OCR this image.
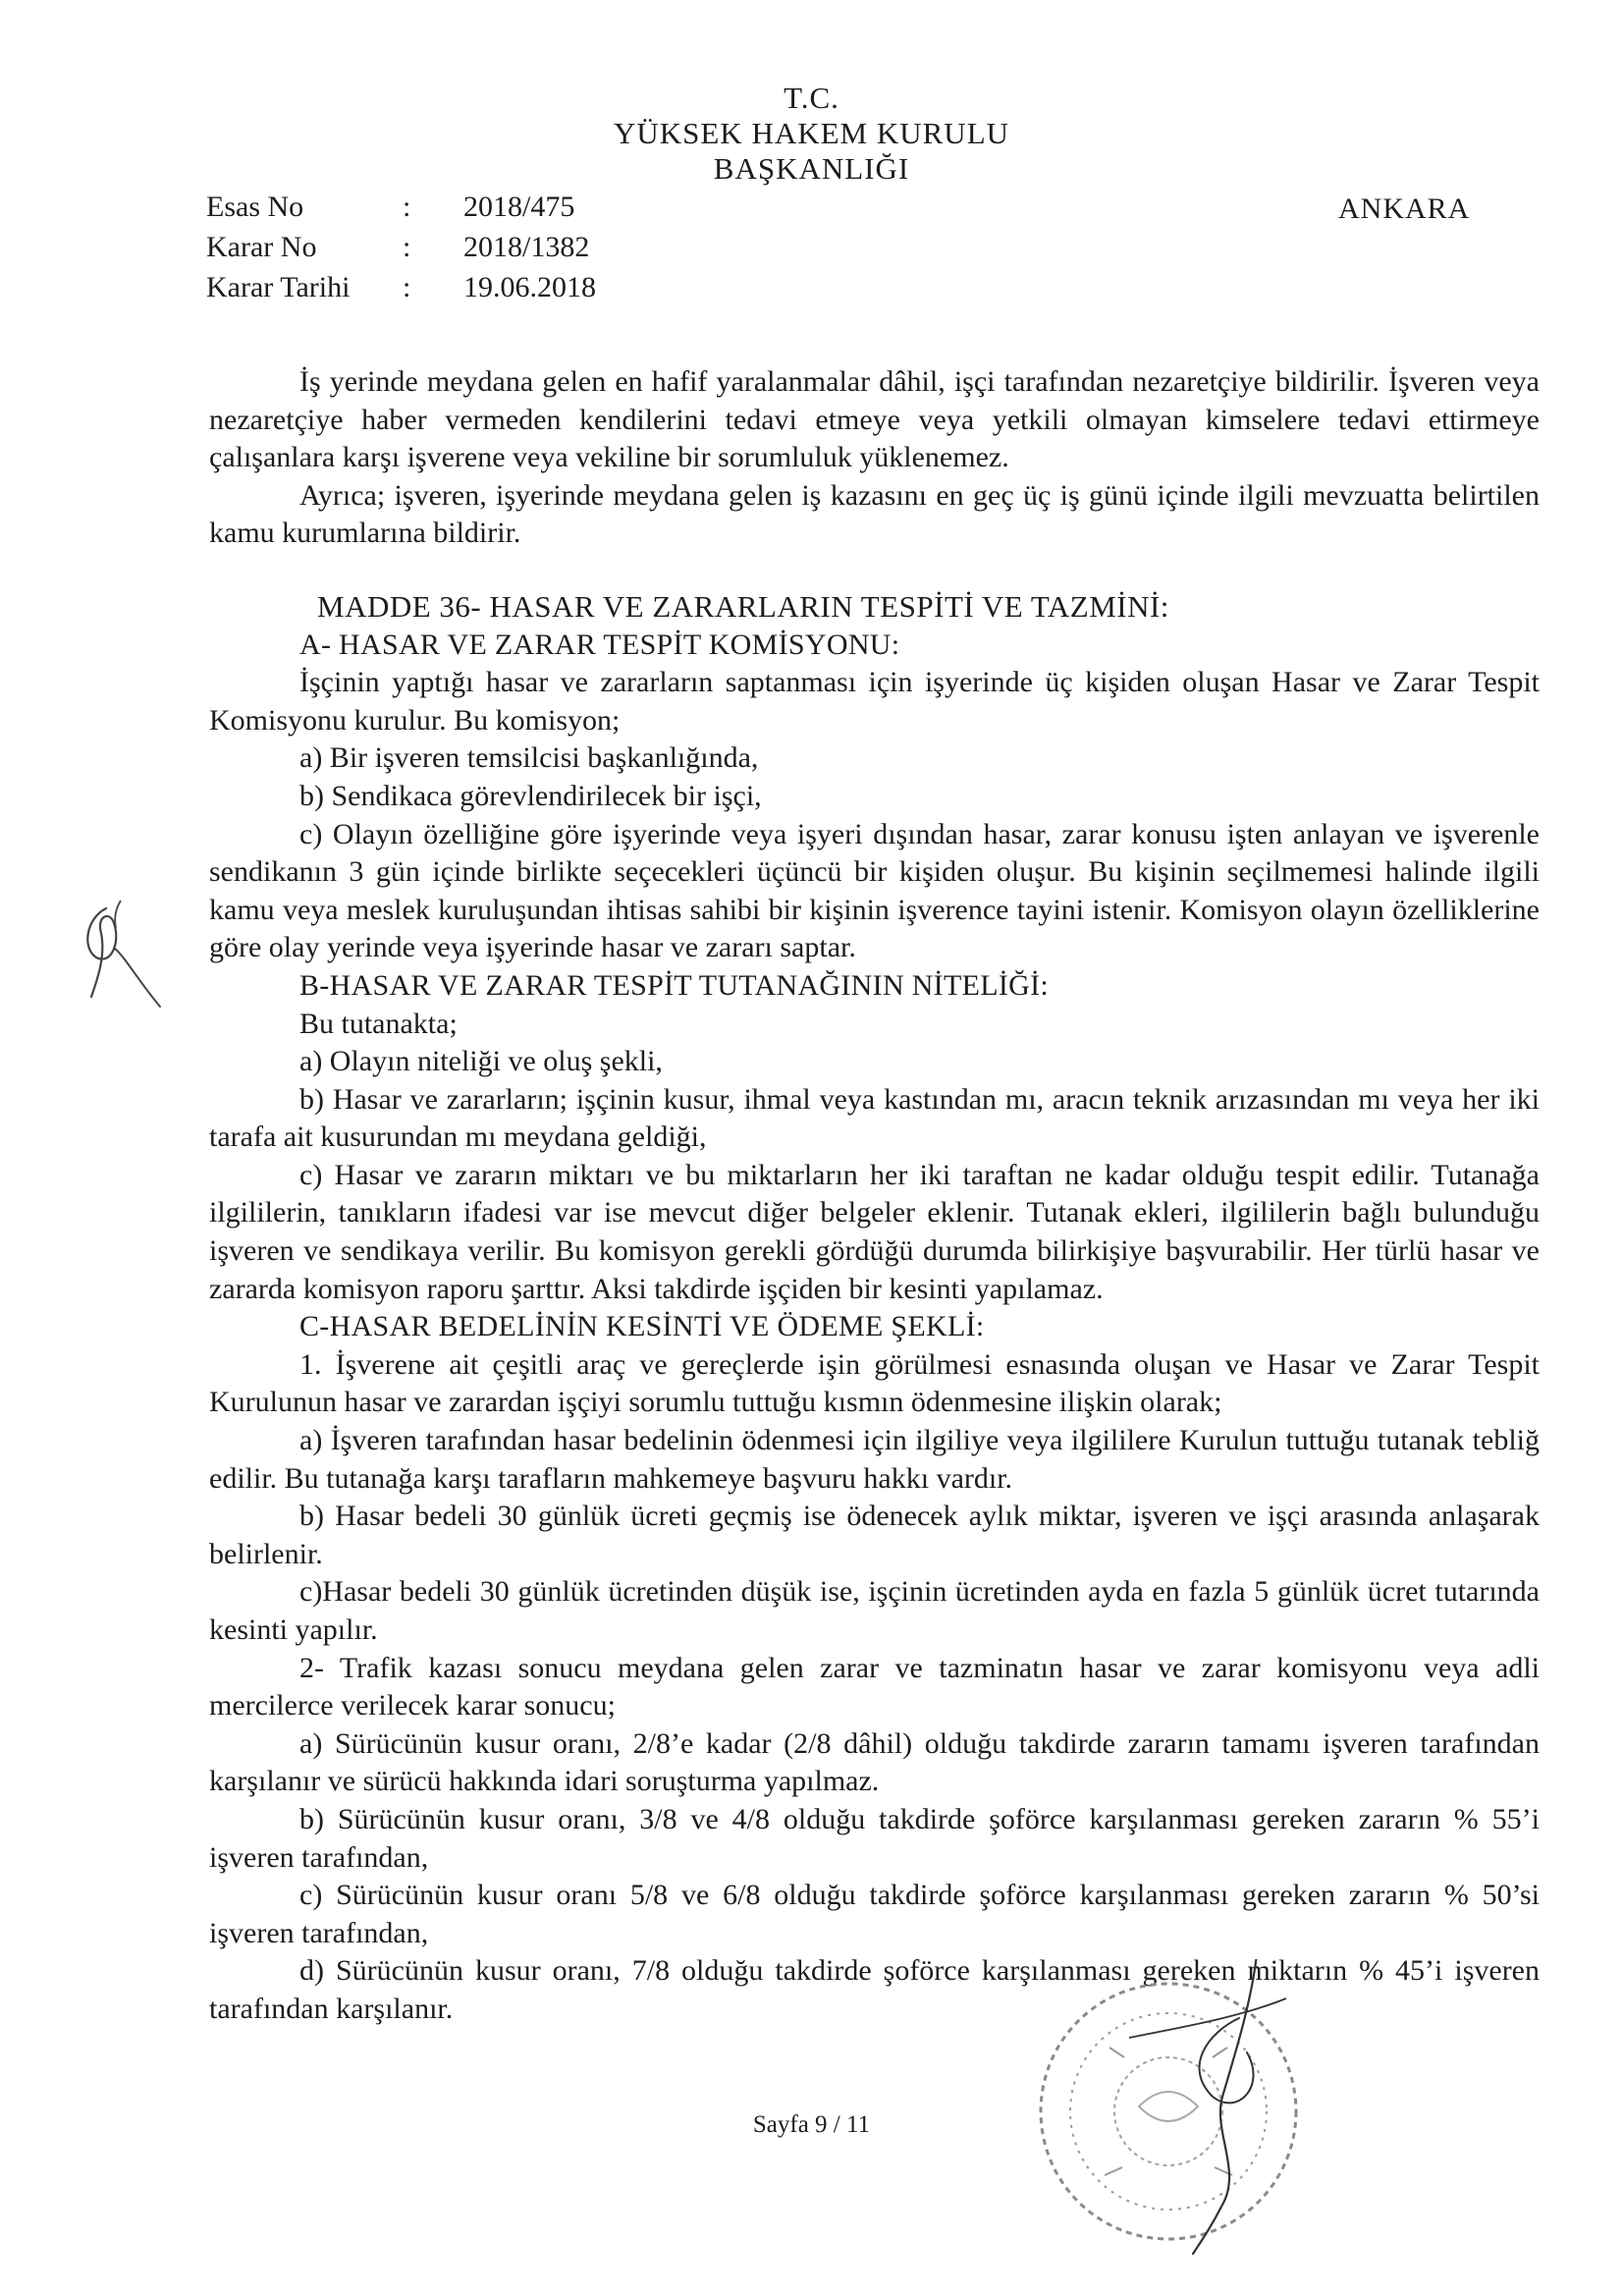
T.C.
YÜKSEK HAKEM KURULU
BAŞKANLIĞI
ANKARA
Esas No	:	2018/475
Karar No	:	2018/1382
Karar Tarihi	:	19.06.2018

İş yerinde meydana gelen en hafif yaralanmalar dâhil, işçi tarafından nezaretçiye bildirilir. İşveren veya nezaretçiye haber vermeden kendilerini tedavi etmeye veya yetkili olmayan kimselere tedavi ettirmeye çalışanlara karşı işverene veya vekiline bir sorumluluk yüklenemez.

Ayrıca; işveren, işyerinde meydana gelen iş kazasını en geç üç iş günü içinde ilgili mevzuatta belirtilen kamu kurumlarına bildirir.

MADDE 36- HASAR VE ZARARLARIN TESPİTİ VE TAZMİNİ:

A- HASAR VE ZARAR TESPİT KOMİSYONU:

İşçinin yaptığı hasar ve zararların saptanması için işyerinde üç kişiden oluşan Hasar ve Zarar Tespit Komisyonu kurulur. Bu komisyon;

a) Bir işveren temsilcisi başkanlığında,

b) Sendikaca görevlendirilecek bir işçi,

c) Olayın özelliğine göre işyerinde veya işyeri dışından hasar, zarar konusu işten anlayan ve işverenle sendikanın 3 gün içinde birlikte seçecekleri üçüncü bir kişiden oluşur. Bu kişinin seçilmemesi halinde ilgili kamu veya meslek kuruluşundan ihtisas sahibi bir kişinin işverence tayini istenir. Komisyon olayın özelliklerine göre olay yerinde veya işyerinde hasar ve zararı saptar.

B-HASAR VE ZARAR TESPİT TUTANAĞININ NİTELİĞİ:

Bu tutanakta;

a) Olayın niteliği ve oluş şekli,

b) Hasar ve zararların; işçinin kusur, ihmal veya kastından mı, aracın teknik arızasından mı veya her iki tarafa ait kusurundan mı meydana geldiği,

c) Hasar ve zararın miktarı ve bu miktarların her iki taraftan ne kadar olduğu tespit edilir. Tutanağa ilgililerin, tanıkların ifadesi var ise mevcut diğer belgeler eklenir. Tutanak ekleri, ilgililerin bağlı bulunduğu işveren ve sendikaya verilir. Bu komisyon gerekli gördüğü durumda bilirkişiye başvurabilir. Her türlü hasar ve zararda komisyon raporu şarttır. Aksi takdirde işçiden bir kesinti yapılamaz.

C-HASAR BEDELİNİN KESİNTİ VE ÖDEME ŞEKLİ:

1. İşverene ait çeşitli araç ve gereçlerde işin görülmesi esnasında oluşan ve Hasar ve Zarar Tespit Kurulunun hasar ve zarardan işçiyi sorumlu tuttuğu kısmın ödenmesine ilişkin olarak;

a) İşveren tarafından hasar bedelinin ödenmesi için ilgiliye veya ilgililere Kurulun tuttuğu tutanak tebliğ edilir. Bu tutanağa karşı tarafların mahkemeye başvuru hakkı vardır.

b) Hasar bedeli 30 günlük ücreti geçmiş ise ödenecek aylık miktar, işveren ve işçi arasında anlaşarak belirlenir.

c)Hasar bedeli 30 günlük ücretinden düşük ise, işçinin ücretinden ayda en fazla 5 günlük ücret tutarında kesinti yapılır.

2- Trafik kazası sonucu meydana gelen zarar ve tazminatın hasar ve zarar komisyonu veya adli mercilerce verilecek karar sonucu;

a) Sürücünün kusur oranı, 2/8’e kadar (2/8 dâhil) olduğu takdirde zararın tamamı işveren tarafından karşılanır ve sürücü hakkında idari soruşturma yapılmaz.

b) Sürücünün kusur oranı, 3/8 ve 4/8 olduğu takdirde şoförce karşılanması gereken zararın % 55’i işveren tarafından,

c) Sürücünün kusur oranı 5/8 ve 6/8 olduğu takdirde şoförce karşılanması gereken zararın % 50’si işveren tarafından,

d) Sürücünün kusur oranı, 7/8 olduğu takdirde şoförce karşılanması gereken miktarın % 45’i işveren tarafından karşılanır.

Sayfa 9 / 11
